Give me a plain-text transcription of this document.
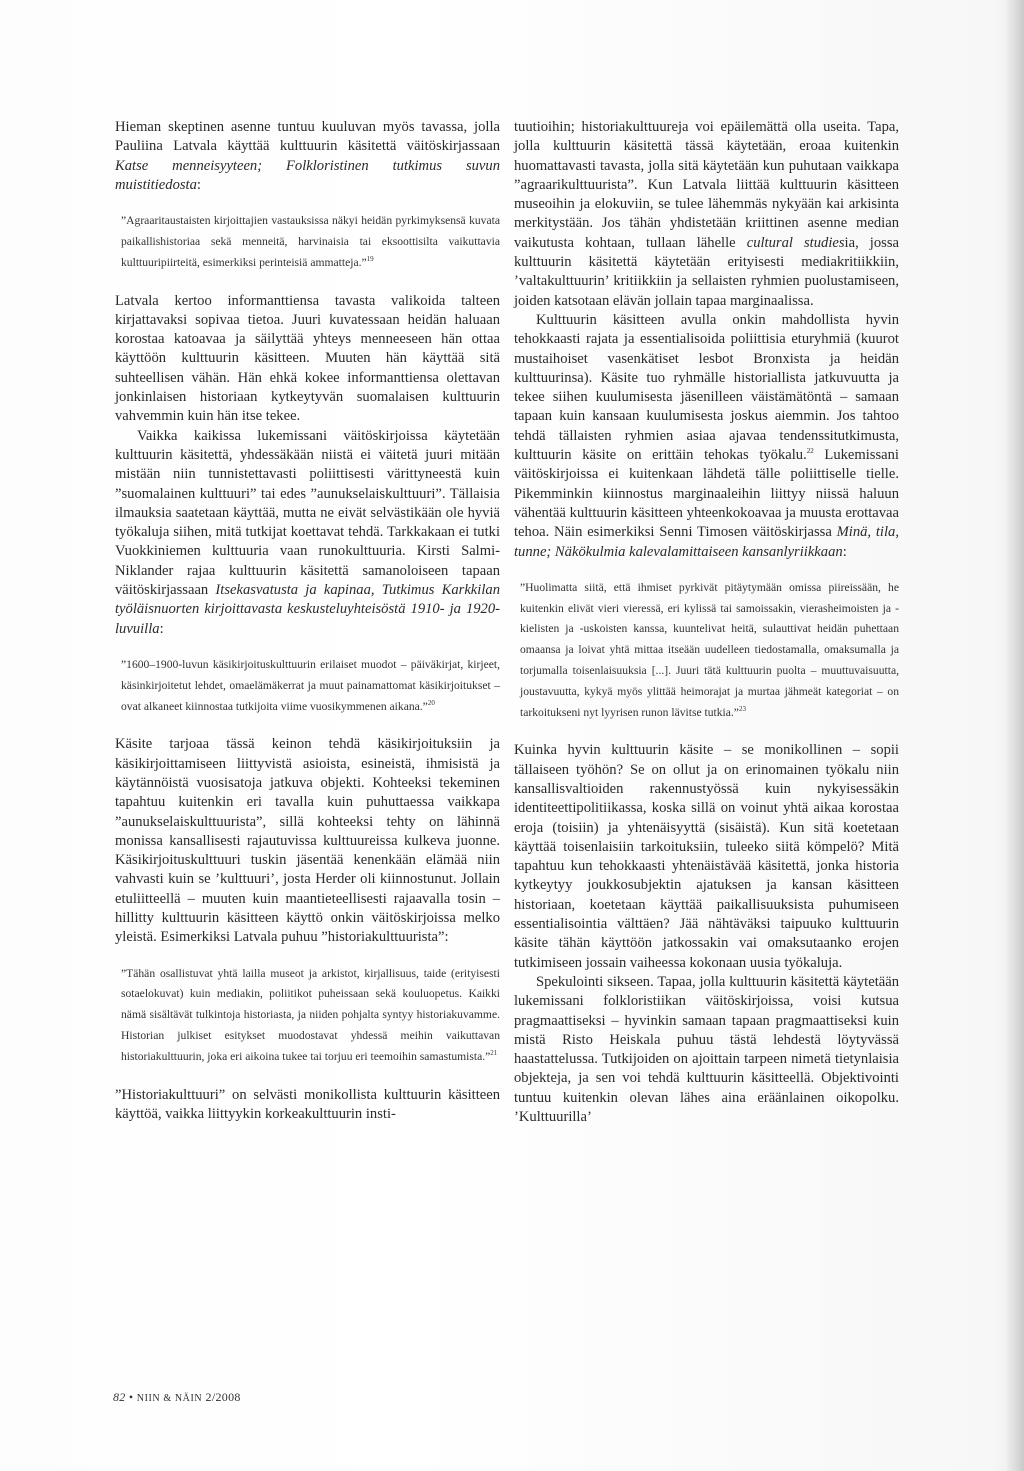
Hieman skeptinen asenne tuntuu kuuluvan myös tavassa, jolla Pauliina Latvala käyttää kulttuurin käsitettä väitöskirjassaan Katse menneisyyteen; Folkloristinen tutkimus suvun muistitiedosta:

”Agraaritaustaisten kirjoittajien vastauksissa näkyi heidän pyrkimyksensä kuvata paikallishistoriaa sekä menneitä, harvinaisia tai eksoottisilta vaikuttavia kulttuuripiirteitä, esimerkiksi perinteisiä ammatteja.”$^{19}$

Latvala kertoo informanttiensa tavasta valikoida talteen kirjattavaksi sopivaa tietoa. Juuri kuvatessaan heidän haluaan korostaa katoavaa ja säilyttää yhteys menneeseen hän ottaa käyttöön kulttuurin käsitteen. Muuten hän käyttää sitä suhteellisen vähän. Hän ehkä kokee informanttiensa olettavan jonkinlaisen historiaan kytkeytyvän suomalaisen kulttuurin vahvemmin kuin hän itse tekee.

Vaikka kaikissa lukemissani väitöskirjoissa käytetään kulttuurin käsitettä, yhdessäkään niistä ei väitetä juuri mitään mistään niin tunnistettavasti poliittisesti värittyneestä kuin ”suomalainen kulttuuri” tai edes ”aunukselaiskulttuuri”. Tällaisia ilmauksia saatetaan käyttää, mutta ne eivät selvästikään ole hyviä työkaluja siihen, mitä tutkijat koettavat tehdä. Tarkkakaan ei tutki Vuokkiniemen kulttuuria vaan runokulttuuria. Kirsti Salmi-Niklander rajaa kulttuurin käsitettä samanoloiseen tapaan väitöskirjassaan Itsekasvatusta ja kapinaa, Tutkimus Karkkilan työläisnuorten kirjoittavasta keskusteluyhteisöstä 1910- ja 1920-luvuilla:

”1600–1900-luvun käsikirjoituskulttuurin erilaiset muodot – päiväkirjat, kirjeet, käsinkirjoitetut lehdet, omaelämäkerrat ja muut painamattomat käsikirjoitukset – ovat alkaneet kiinnostaa tutkijoita viime vuosikymmenen aikana.”$^{20}$

Käsite tarjoaa tässä keinon tehdä käsikirjoituksiin ja käsikirjoittamiseen liittyvistä asioista, esineistä, ihmisistä ja käytännöistä vuosisatoja jatkuva objekti. Kohteeksi tekeminen tapahtuu kuitenkin eri tavalla kuin puhuttaessa vaikkapa ”aunukselaiskulttuurista”, sillä kohteeksi tehty on lähinnä monissa kansallisesti rajautuvissa kulttuureissa kulkeva juonne. Käsikirjoituskulttuuri tuskin jäsentää kenenkään elämää niin vahvasti kuin se ’kulttuuri’, josta Herder oli kiinnostunut. Jollain etuliitteellä – muuten kuin maantieteellisesti rajaavalla tosin – hillitty kulttuurin käsitteen käyttö onkin väitöskirjoissa melko yleistä. Esimerkiksi Latvala puhuu ”historiakulttuurista”:

”Tähän osallistuvat yhtä lailla museot ja arkistot, kirjallisuus, taide (erityisesti sotaelokuvat) kuin mediakin, poliitikot puheissaan sekä kouluopetus. Kaikki nämä sisältävät tulkintoja historiasta, ja niiden pohjalta syntyy historiakuvamme. Historian julkiset esitykset muodostavat yhdessä meihin vaikuttavan historiakulttuurin, joka eri aikoina tukee tai torjuu eri teemoihin samastumista.”$^{21}$

”Historiakulttuuri” on selvästi monikollista kulttuurin käsitteen käyttöä, vaikka liittyykin korkeakulttuurin insti-

tuutioihin; historiakulttuureja voi epäilemättä olla useita. Tapa, jolla kulttuurin käsitettä tässä käytetään, eroaa kuitenkin huomattavasti tavasta, jolla sitä käytetään kun puhutaan vaikkapa ”agraarikulttuurista”. Kun Latvala liittää kulttuurin käsitteen museoihin ja elokuviin, se tulee lähemmäs nykyään kai arkisinta merkitystään. Jos tähän yhdistetään kriittinen asenne median vaikutusta kohtaan, tullaan lähelle cultural studiesia, jossa kulttuurin käsitettä käytetään erityisesti mediakritiikkiin, ’valtakulttuurin’ kritiikkiin ja sellaisten ryhmien puolustamiseen, joiden katsotaan elävän jollain tapaa marginaalissa.

Kulttuurin käsitteen avulla onkin mahdollista hyvin tehokkaasti rajata ja essentialisoida poliittisia eturyhmiä (kuurot mustaihoiset vasenkätiset lesbot Bronxista ja heidän kulttuurinsa). Käsite tuo ryhmälle historiallista jatkuvuutta ja tekee siihen kuulumisesta jäsenilleen väistämätöntä – samaan tapaan kuin kansaan kuulumisesta joskus aiemmin. Jos tahtoo tehdä tällaisten ryhmien asiaa ajavaa tendenssitutkimusta, kulttuurin käsite on erittäin tehokas työkalu.$^{22}$ Lukemissani väitöskirjoissa ei kuitenkaan lähdetä tälle poliittiselle tielle. Pikemminkin kiinnostus marginaaleihin liittyy niissä haluun vähentää kulttuurin käsitteen yhteenkokoavaa ja muusta erottavaa tehoa. Näin esimerkiksi Senni Timosen väitöskirjassa Minä, tila, tunne; Näkökulmia kalevalamittaiseen kansanlyriikkaan:

”Huolimatta siitä, että ihmiset pyrkivät pitäytymään omissa piireissään, he kuitenkin elivät vieri vieressä, eri kylissä tai samoissakin, vierasheimoisten ja -kielisten ja -uskoisten kanssa, kuuntelivat heitä, sulauttivat heidän puhettaan omaansa ja loivat yhtä mittaa itseään uudelleen tiedostamalla, omaksumalla ja torjumalla toisenlaisuuksia [...]. Juuri tätä kulttuurin puolta – muuttuvaisuutta, joustavuutta, kykyä myös ylittää heimorajat ja murtaa jähmeät kategoriat – on tarkoitukseni nyt lyyrisen runon lävitse tutkia.”$^{23}$

Kuinka hyvin kulttuurin käsite – se monikollinen – sopii tällaiseen työhön? Se on ollut ja on erinomainen työkalu niin kansallisvaltioiden rakennustyössä kuin nykyisessäkin identiteettipolitiikassa, koska sillä on voinut yhtä aikaa korostaa eroja (toisiin) ja yhtenäisyyttä (sisäistä). Kun sitä koetetaan käyttää toisenlaisiin tarkoituksiin, tuleeko siitä kömpelö? Mitä tapahtuu kun tehokkaasti yhtenäistävää käsitettä, jonka historia kytkeytyy joukkosubjektin ajatuksen ja kansan käsitteen historiaan, koetetaan käyttää paikallisuuksista puhumiseen essentialisointia välttäen? Jää nähtäväksi taipuuko kulttuurin käsite tähän käyttöön jatkossakin vai omaksutaanko erojen tutkimiseen jossain vaiheessa kokonaan uusia työkaluja.

Spekulointi sikseen. Tapaa, jolla kulttuurin käsitettä käytetään lukemissani folkloristiikan väitöskirjoissa, voisi kutsua pragmaattiseksi – hyvinkin samaan tapaan pragmaattiseksi kuin mistä Risto Heiskala puhuu tästä lehdestä löytyvässä haastattelussa. Tutkijoiden on ajoittain tarpeen nimetä tietynlaisia objekteja, ja sen voi tehdä kulttuurin käsitteellä. Objektivointi tuntuu kuitenkin olevan lähes aina eräänlainen oikopolku. ’Kulttuurilla’

82 • NIIN & NÄIN 2/2008
